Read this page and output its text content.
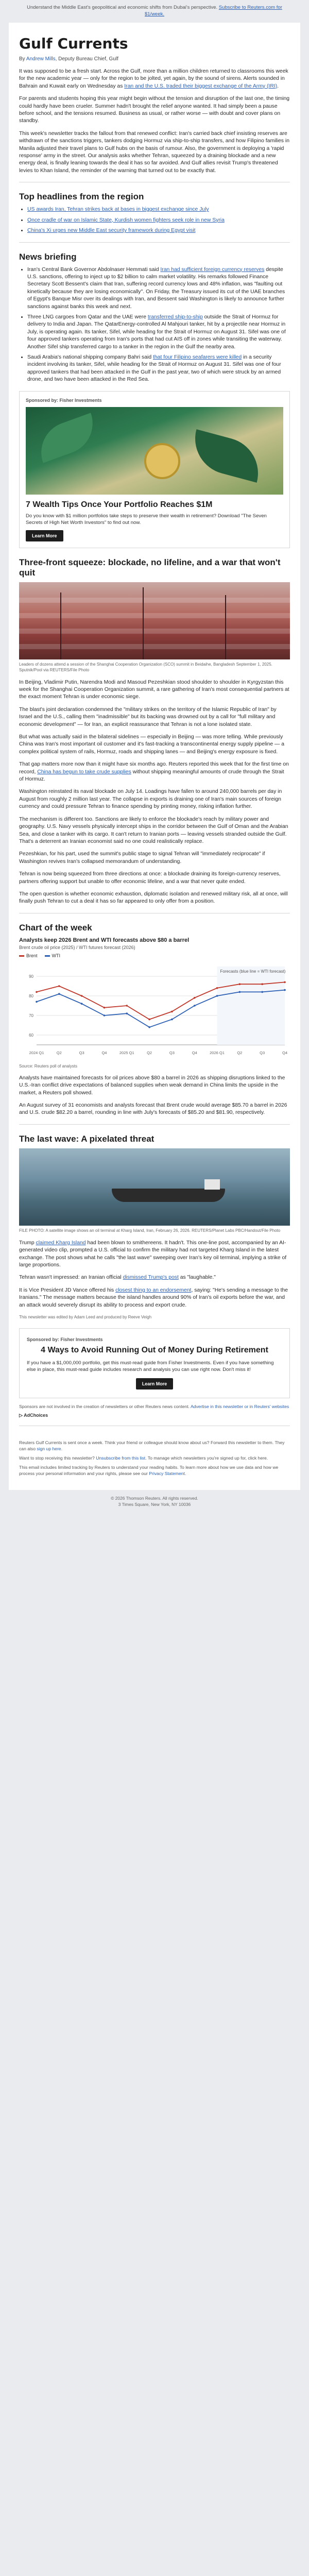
Understand the Middle East's geopolitical and economic shifts from Dubai's perspective. Subscribe to Reuters.com for $1/week.
Gulf Currents
By Andrew Mills, Deputy Bureau Chief, Gulf

It was supposed to be a fresh start. Across the Gulf, more than a million children returned to classrooms this week for the new academic year — only for the region to be jolted, yet again, by the sound of sirens. Alerts sounded in Bahrain and Kuwait early on Wednesday as Iran and the U.S. traded their biggest exchange of the Army (IRI).

For parents and students hoping this year might begin without the tension and disruption of the last one, the timing could hardly have been crueler. Summer hadn't brought the relief anyone wanted. It had simply been a pause before school, and the tensions resumed. Business as usual, or rather worse — with doubt and cover plans on standby.

This week's newsletter tracks the fallout from that renewed conflict: Iran's carried back chief insisting reserves are withdrawn of the sanctions triggers, tankers dodging Hormuz via ship-to-ship transfers, and how Filipino families in Manila adjusted their travel plans to Gulf hubs on the basis of rumour. Also, the government is deploying a 'rapid response' army in the street. Our analysis asks whether Tehran, squeezed by a draining blockade and a new energy deal, is finally leaning towards the deal it has so far avoided. And Gulf allies revisit Trump's threatened levies to Khan Island, the reminder of the warning that turned out to be exactly that.

Top headlines from the region
• US awards Iran, Tehran strikes back at bases in biggest exchange since July
• Once cradle of war on Islamic State, Kurdish women fighters seek role in new Syria
• China's Xi urges new Middle East security framework during Egypt visit
News briefing
• Iran's Central Bank Governor Abdolnaser Hemmati said Iran had sufficient foreign currency reserves despite U.S. sanctions, offering to inject up to $2 billion to calm market volatility. His remarks followed Finance Secretary Scott Bessent's claim that Iran, suffering record currency lows and 48% inflation, was "faulting out kinetically because they are losing economically". On Friday, the Treasury issued its cut of the UAE branches of Egypt's Banque Misr over its dealings with Iran, and Bessent said Washington is likely to announce further sanctions against banks this week and next.
• Three LNG cargoes from Qatar and the UAE were transferred ship-to-ship outside the Strait of Hormuz for delivery to India and Japan. The QatarEnergy-controlled Al Mahjouri tanker, hit by a projectile near Hormuz in July, is operating again. Its tanker, Sifel, while heading for the Strait of Hormuz on August 31. Sifel was one of four approved tankers operating from Iran's ports that had cut AIS off in zones while transiting the waterway. Another Sifel ship transferred cargo to a tanker in the region in the Gulf the nearby area.
• Saudi Arabia's national shipping company Bahri said that four Filipino seafarers were killed in a security incident involving its tanker, Sifel, while heading for the Strait of Hormuz on August 31. Sifel was one of four approved tankers that had been attacked in the Gulf in the past year, two of which were struck by an armed drone, and two have been attacked in the Red Sea.
Sponsored by: Fisher Investments
7 Wealth Tips Once Your Portfolio Reaches $1M
Do you know with $1 million portfolios take steps to preserve their wealth in retirement? Download "The Seven Secrets of High Net Worth Investors" to find out now.
Learn More
Three-front squeeze: blockade, no lifeline, and a war that won't quit
Leaders of dozens attend a session of the Shanghai Cooperation Organization (SCO) summit in Beidaihe, Bangladesh September 1, 2025. Sputnik/Pool via REUTERS/File Photo

In Beijing, Vladimir Putin, Narendra Modi and Masoud Pezeshkian stood shoulder to shoulder in Kyrgyzstan this week for the Shanghai Cooperation Organization summit, a rare gathering of Iran's most consequential partners at the exact moment Tehran is under economic siege.

The blast's joint declaration condemned the "military strikes on the territory of the Islamic Republic of Iran" by Israel and the U.S., calling them "inadmissible" but its backing was drowned out by a call for "full military and economic development" — for Iran, an explicit reassurance that Tehran is not a lone isolated state.

But what was actually said in the bilateral sidelines — especially in Beijing — was more telling. While previously China was Iran's most important oil customer and it's fast-tracking a transcontinental energy supply pipeline — a complex political system of rails, Hormuz, roads and shipping lanes — and Beijing's energy exposure is fixed.

That gap matters more now than it might have six months ago. Reuters reported this week that for the first time on record, China has begun to take crude supplies without shipping meaningful amounts of crude through the Strait of Hormuz.

Washington reinstated its naval blockade on July 14. Loadings have fallen to around 240,000 barrels per day in August from roughly 2 million last year. The collapse in exports is draining one of Iran's main sources of foreign currency and could pressure Tehran to finance spending by printing money, risking inflation further.

The mechanism is different too. Sanctions are likely to enforce the blockade's reach by military power and geography. U.S. Navy vessels physically intercept ships in the corridor between the Gulf of Oman and the Arabian Sea, and close a tanker with its cargo. It can't return to Iranian ports — leaving vessels stranded outside the Gulf. That's a deterrent an Iranian economist said no one could realistically replace.

Pezeshkian, for his part, used the summit's public stage to signal Tehran will "immediately reciprocate" if Washington revives Iran's collapsed memorandum of understanding.

Tehran is now being squeezed from three directions at once: a blockade draining its foreign-currency reserves, partners offering support but unable to offer economic lifeline, and a war that never quite ended.

The open question is whether economic exhaustion, diplomatic isolation and renewed military risk, all at once, will finally push Tehran to cut a deal it has so far appeared to only offer from a position.

Chart of the week
Analysts keep 2026 Brent and WTI forecasts above $80 a barrel
Brent crude oil price (2025) / WTI futures forecast (2026)
Brent	WTI
60
70
80
90
2024 Q1	Q2	Q3	Q4	2025 Q1	Q2	Q3	Q4	2026 Q1	Q2	Q3	Q4
Forecasts (blue line = WTI forecast)
Source: Reuters poll of analysts

Analysts have maintained forecasts for oil prices above $80 a barrel in 2026 as shipping disruptions linked to the U.S.-Iran conflict drive expectations of balanced supplies when weak demand in China limits the upside in the market, a Reuters poll showed.

An August survey of 31 economists and analysts forecast that Brent crude would average $85.70 a barrel in 2026 and U.S. crude $82.20 a barrel, rounding in line with July's forecasts of $85.20 and $81.90, respectively.

The last wave: A pixelated threat
FILE PHOTO: A satellite image shows an oil terminal at Kharg Island, Iran, February 26, 2026. REUTERS/Planet Labs PBC/Handout/File Photo

Trump claimed Kharg Island had been blown to smithereens. It hadn't. This one-line post, accompanied by an AI-generated video clip, prompted a U.S. official to confirm the military had not targeted Kharg Island in the latest exchange. The post shows what he calls "the last wave" sweeping over Iran's key oil terminal, implying a strike of large proportions.

Tehran wasn't impressed: an Iranian official dismissed Trump's post as "laughable."

It is Vice President JD Vance offered his closest thing to an endorsement, saying: "He's sending a message to the Iranians." The message matters because the island handles around 90% of Iran's oil exports before the war, and an attack would severely disrupt its ability to process and export crude.

This newsletter was edited by Adam Leed and produced by Reeve Veigh

Sponsored by: Fisher Investments
4 Ways to Avoid Running Out of Money During Retirement
If you have a $1,000,000 portfolio, get this must-read guide from Fisher Investments. Even if you have something else in place, this must-read guide includes research and analysis you can use right now. Don't miss it!
Learn More
Sponsors are not involved in the creation of newsletters or other Reuters news content. Advertise in this newsletter or in Reuters' websites
▷ AdChoices

Reuters Gulf Currents is sent once a week. Think your friend or colleague should know about us? Forward this newsletter to them. They can also sign up here.

Want to stop receiving this newsletter? Unsubscribe from this list. To manage which newsletters you're signed up for, click here.

This email includes limited tracking by Reuters to understand your reading habits. To learn more about how we use data and how we process your personal information and your rights, please see our Privacy Statement.

© 2026 Thomson Reuters. All rights reserved.
3 Times Square, New York, NY 10036
